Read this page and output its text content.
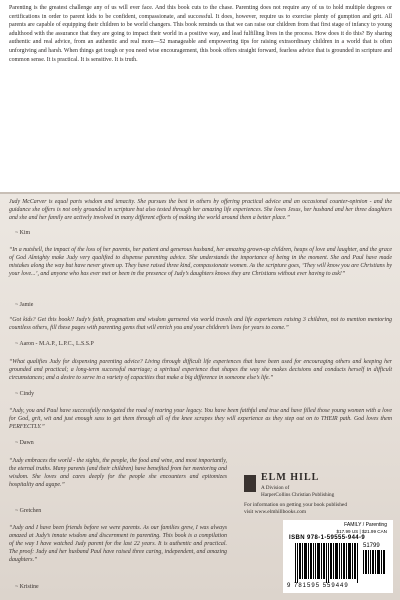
Parenting is the greatest challenge any of us will ever face. And this book cuts to the chase. Parenting does not require any of us to hold multiple degrees or certifications in order to parent kids to be confident, compassionate, and successful. It does, however, require us to exercise plenty of gumption and grit. All parents are capable of equipping their children to be world changers. This book reminds us that we can raise our children from that first stage of infancy to young adulthood with the assurance that they are going to impact their world in a positive way, and lead fulfilling lives in the process. How does it do this? By sharing authentic and real advice, from an authentic and real mom—52 manageable and empowering tips for raising extraordinary children in a world that is often unforgiving and harsh. When things get tough or you need wise encouragement, this book offers straight forward, fearless advice that is grounded in scripture and common sense. It is practical. It is sensitive. It is truth.

Judy McCarver is equal parts wisdom and tenacity. She pursues the best in others by offering practical advice and an occasional counter-opinion - and the guidance she offers is not only grounded in scripture but also tested through her amazing life experiences. She loves Jesus, her husband and her three daughters and she and her family are actively involved in many different efforts of making the world around them a better place.”

~ Kim

“In a nutshell, the impact of the loss of her parents, her patient and generous husband, her amazing grown-up children, heaps of love and laughter, and the grace of God Almighty make Judy very qualified to dispense parenting advice. She understands the importance of being in the moment. She and Paul have made mistakes along the way but have never given up. They have raised three kind, compassionate women. As the scripture goes, ‘They will know you are Christians by your love...’, and anyone who has ever met or been in the presence of Judy’s daughters knows they are Christians without ever having to ask!”

~ Jamie

“Got kids? Get this book!! Judy’s faith, pragmatism and wisdom garnered via world travels and life experiences raising 3 children, not to mention mentoring countless others, fill these pages with parenting gems that will enrich you and your children’s lives for years to come.”

~ Aaron - M.A.P., L.P.C., L.S.S.P

“What qualifies Judy for dispensing parenting advice? Living through difficult life experiences that have been used for encouraging others and keeping her grounded and practical; a long-term successful marriage; a spiritual experience that shapes the way she makes decisions and conducts herself in difficult circumstances; and a desire to serve in a variety of capacities that make a big difference in someone else’s life.”

~ Cindy

“Judy, you and Paul have successfully navigated the road of rearing your legacy. You have been faithful and true and have filled those young women with a love for God, grit, wit and just enough sass to get them through all of the knee scrapes they will experience as they step out on to THEIR path. God loves them PERFECTLY.”

~ Dawn

“Judy embraces the world - the sights, the people, the food and wine, and most importantly, the eternal truths. Many parents (and their children) have benefited from her mentoring and wisdom. She loves and cares deeply for the people she encounters and epitomizes hospitality and agape.”

~ Gretchen

“Judy and I have been friends before we were parents. As our families grew, I was always amazed at Judy’s innate wisdom and discernment in parenting. This book is a compilation of the way I have watched Judy parent for the last 22 years. It is authentic and practical. The proof: Judy and her husband Paul have raised three caring, independent, and amazing daughters.”

~ Kristine
ELM HILL
A Division of
HarperCollins Christian Publishing
For information on getting your book published
visit www.elmhillbooks.com
FAMILY / Parenting
$17.99 US | $21.99 CAN
ISBN 978-1-59555-944-9
51799
9 781595 559449
